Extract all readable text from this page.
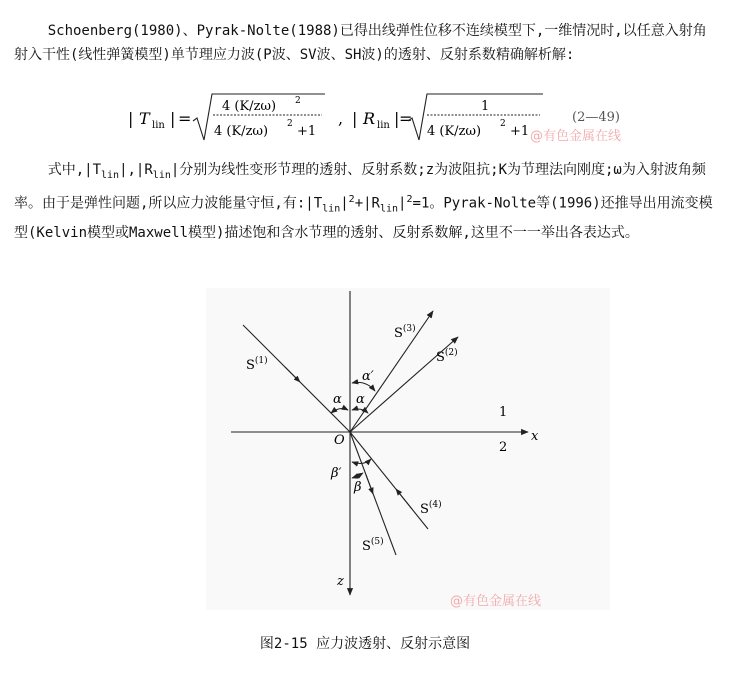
Schoenberg(1980)、Pyrak-Nolte(1988)已得出线弹性位移不连续模型下,一维情况时,以任意入射角射入干性(线性弹簧模型)单节理应力波(P波、SV波、SH波)的透射、反射系数精确解析解:

| T lin | =
4 (K/zω) 2
4 (K/zω) 2 +1
, | R lin | =
1
4 (K/zω) 2 +1
(2—49)
@有色金属在线

式中$,|T_{lin}|,|R_{lin}|$分别为线性变形节理的透射、反射系数;z为波阻抗;K为节理法向刚度;ω为入射波角频率。由于是弹性问题,所以应力波能量守恒,有$:|T_{lin}|^2+|R_{lin}|^2=1$。Pyrak-Nolte等(1996)还推导出用流变模型(Kelvin模型或Maxwell模型)描述饱和含水节理的透射、反射系数解,这里不一一举出各表达式。

$S^{(1)}$
$S^{(3)}$
$S^{(2)}$
$S^{(4)}$
$S^{(5)}$
α α
α′
β′
β
O	x
z
1
2
@有色金属在线
图2-15 应力波透射、反射示意图
